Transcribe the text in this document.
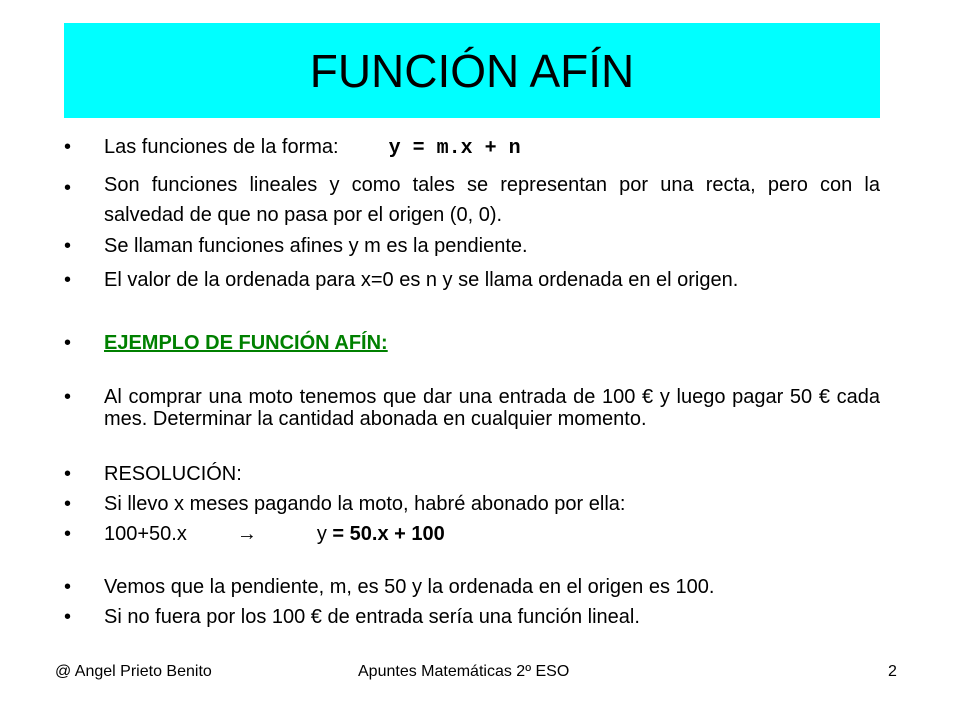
FUNCIÓN AFÍN
•	Las funciones de la forma:	y = m.x + n
•	Son funciones lineales y como tales se representan por una recta, pero con la salvedad de que no pasa por el origen (0, 0).
•	Se llaman funciones afines y m es la pendiente.
•	El valor de la ordenada para x=0 es n y se llama ordenada en el origen.
•	EJEMPLO DE FUNCIÓN AFÍN:
•	Al comprar una moto tenemos que dar una entrada de 100 € y luego pagar 50 € cada mes. Determinar la cantidad abonada en cualquier momento.
•	RESOLUCIÓN:
•	Si llevo x meses pagando la moto, habré abonado por ella:
•	100+50.x	→	y = 50.x + 100
•	Vemos que la pendiente, m, es 50 y la ordenada en el origen es 100.
•	Si no fuera por los 100 € de entrada sería una función lineal.
@ Angel Prieto Benito	Apuntes Matemáticas 2º ESO	2
